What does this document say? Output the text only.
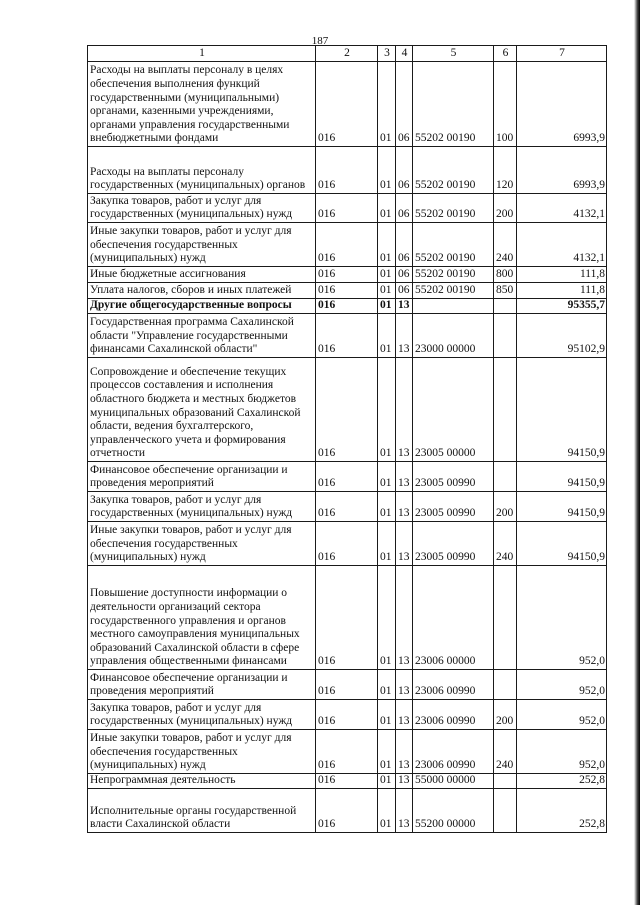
187
1	2	3	4	5	6	7
Расходы на выплаты персоналу в целях обеспечения выполнения функций государственными (муниципальными) органами, казенными учреждениями, органами управления государственными внебюджетными фондами	016	01	06	55202 00190	100	6993,9
Расходы на выплаты персоналу государственных (муниципальных) органов	016	01	06	55202 00190	120	6993,9
Закупка товаров, работ и услуг для государственных (муниципальных) нужд	016	01	06	55202 00190	200	4132,1
Иные закупки товаров, работ и услуг для обеспечения государственных (муниципальных) нужд	016	01	06	55202 00190	240	4132,1
Иные бюджетные ассигнования	016	01	06	55202 00190	800	111,8
Уплата налогов, сборов и иных платежей	016	01	06	55202 00190	850	111,8
Другие общегосударственные вопросы	016	01	13			95355,7
Государственная программа Сахалинской области "Управление государственными финансами Сахалинской области"	016	01	13	23000 00000		95102,9
Сопровождение и обеспечение текущих процессов составления и исполнения областного бюджета и местных бюджетов муниципальных образований Сахалинской области, ведения бухгалтерского, управленческого учета и формирования отчетности	016	01	13	23005 00000		94150,9
Финансовое обеспечение организации и проведения мероприятий	016	01	13	23005 00990		94150,9
Закупка товаров, работ и услуг для государственных (муниципальных) нужд	016	01	13	23005 00990	200	94150,9
Иные закупки товаров, работ и услуг для обеспечения государственных (муниципальных) нужд	016	01	13	23005 00990	240	94150,9
Повышение доступности информации о деятельности организаций сектора государственного управления и органов местного самоуправления муниципальных образований Сахалинской области в сфере управления общественными финансами	016	01	13	23006 00000		952,0
Финансовое обеспечение организации и проведения мероприятий	016	01	13	23006 00990		952,0
Закупка товаров, работ и услуг для государственных (муниципальных) нужд	016	01	13	23006 00990	200	952,0
Иные закупки товаров, работ и услуг для обеспечения государственных (муниципальных) нужд	016	01	13	23006 00990	240	952,0
Непрограммная деятельность	016	01	13	55000 00000		252,8
Исполнительные органы государственной власти Сахалинской области	016	01	13	55200 00000		252,8
